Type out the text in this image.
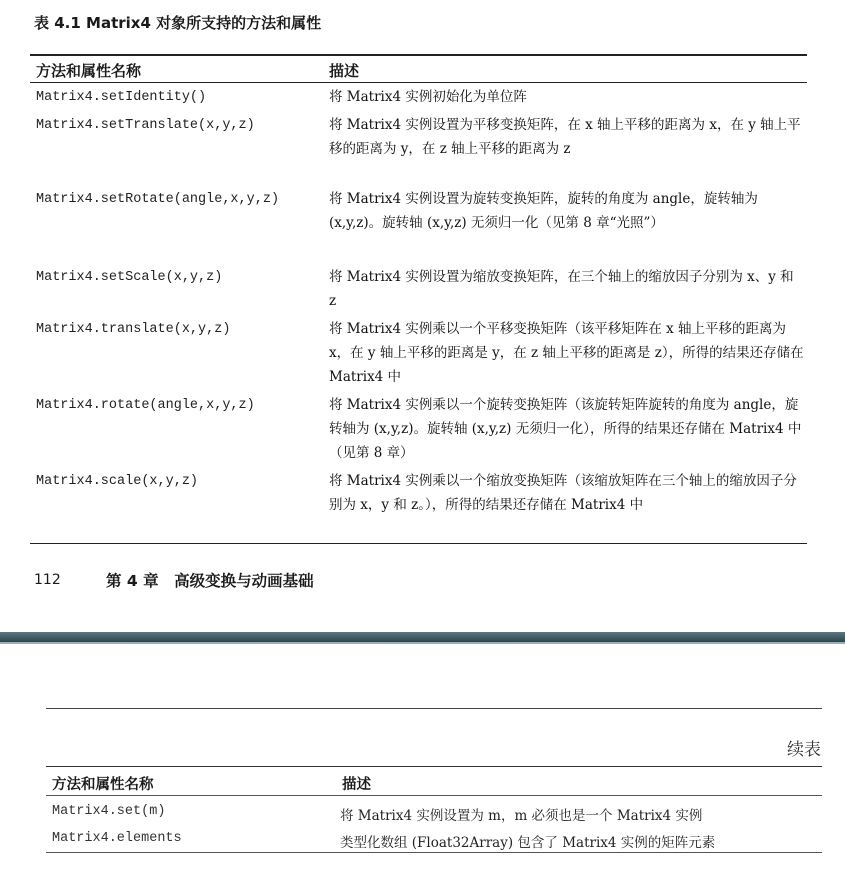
表 4.1 Matrix4 对象所支持的方法和属性
方法和属性名称	描述
Matrix4.setIdentity()	将 Matrix4 实例初始化为单位阵
Matrix4.setTranslate(x,y,z)	将 Matrix4 实例设置为平移变换矩阵，在 x 轴上平移的距离为 x，在 y 轴上平移的距离为 y，在 z 轴上平移的距离为 z
Matrix4.setRotate(angle,x,y,z)	将 Matrix4 实例设置为旋转变换矩阵，旋转的角度为 angle，旋转轴为 (x,y,z)。旋转轴 (x,y,z) 无须归一化（见第 8 章“光照”）
Matrix4.setScale(x,y,z)	将 Matrix4 实例设置为缩放变换矩阵，在三个轴上的缩放因子分别为 x、y 和 z
Matrix4.translate(x,y,z)	将 Matrix4 实例乘以一个平移变换矩阵（该平移矩阵在 x 轴上平移的距离为 x，在 y 轴上平移的距离是 y，在 z 轴上平移的距离是 z），所得的结果还存储在 Matrix4 中
Matrix4.rotate(angle,x,y,z)	将 Matrix4 实例乘以一个旋转变换矩阵（该旋转矩阵旋转的角度为 angle，旋转轴为 (x,y,z)。旋转轴 (x,y,z) 无须归一化），所得的结果还存储在 Matrix4 中（见第 8 章）
Matrix4.scale(x,y,z)	将 Matrix4 实例乘以一个缩放变换矩阵（该缩放矩阵在三个轴上的缩放因子分别为 x，y 和 z。），所得的结果还存储在 Matrix4 中
112	第 4 章　高级变换与动画基础
续表
方法和属性名称	描述
Matrix4.set(m)	将 Matrix4 实例设置为 m，m 必须也是一个 Matrix4 实例
Matrix4.elements	类型化数组 (Float32Array) 包含了 Matrix4 实例的矩阵元素
